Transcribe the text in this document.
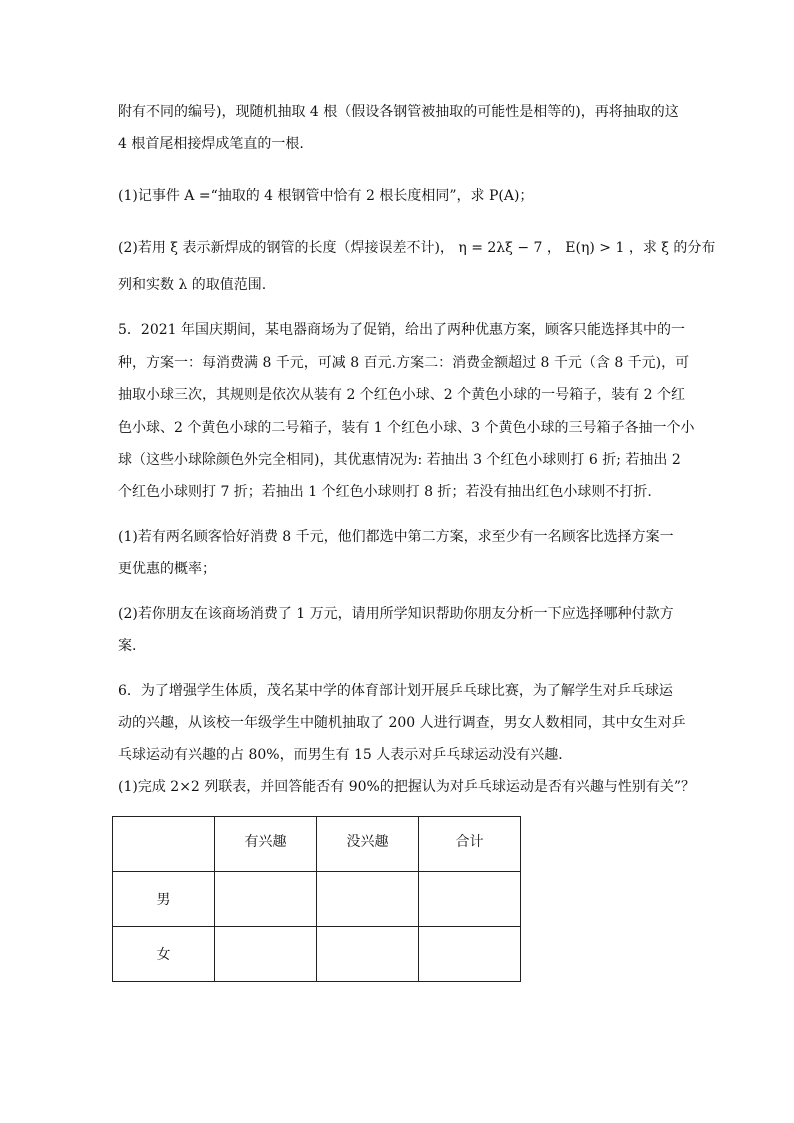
附有不同的编号)，现随机抽取 4 根（假设各钢管被抽取的可能性是相等的)，再将抽取的这
4 根首尾相接焊成笔直的一根.
(1)记事件 A =“抽取的 4 根钢管中恰有 2 根长度相同”，求 P(A)；
(2)若用 ξ 表示新焊成的钢管的长度（焊接误差不计)， η = 2λξ − 7 ， E(η) > 1 ，求 ξ 的分布
列和实数 λ 的取值范围.
5．2021 年国庆期间，某电器商场为了促销，给出了两种优惠方案，顾客只能选择其中的一
种，方案一：每消费满 8 千元，可减 8 百元.方案二：消费金额超过 8 千元（含 8 千元)，可
抽取小球三次，其规则是依次从装有 2 个红色小球、2 个黄色小球的一号箱子，装有 2 个红
色小球、2 个黄色小球的二号箱子，装有 1 个红色小球、3 个黄色小球的三号箱子各抽一个小
球（这些小球除颜色外完全相同)，其优惠情况为: 若抽出 3 个红色小球则打 6 折; 若抽出 2
个红色小球则打 7 折；若抽出 1 个红色小球则打 8 折；若没有抽出红色小球则不打折.
(1)若有两名顾客恰好消费 8 千元，他们都选中第二方案，求至少有一名顾客比选择方案一
更优惠的概率；
(2)若你朋友在该商场消费了 1 万元，请用所学知识帮助你朋友分析一下应选择哪种付款方
案.
6．为了增强学生体质，茂名某中学的体育部计划开展乒乓球比赛，为了解学生对乒乓球运
动的兴趣，从该校一年级学生中随机抽取了 200 人进行调查，男女人数相同，其中女生对乒
乓球运动有兴趣的占 80%，而男生有 15 人表示对乒乓球运动没有兴趣．
(1)完成 2×2 列联表，并回答能否有 90%的把握认为对乒乓球运动是否有兴趣与性别有关”？
	有兴趣	没兴趣	合计
男			
女			
